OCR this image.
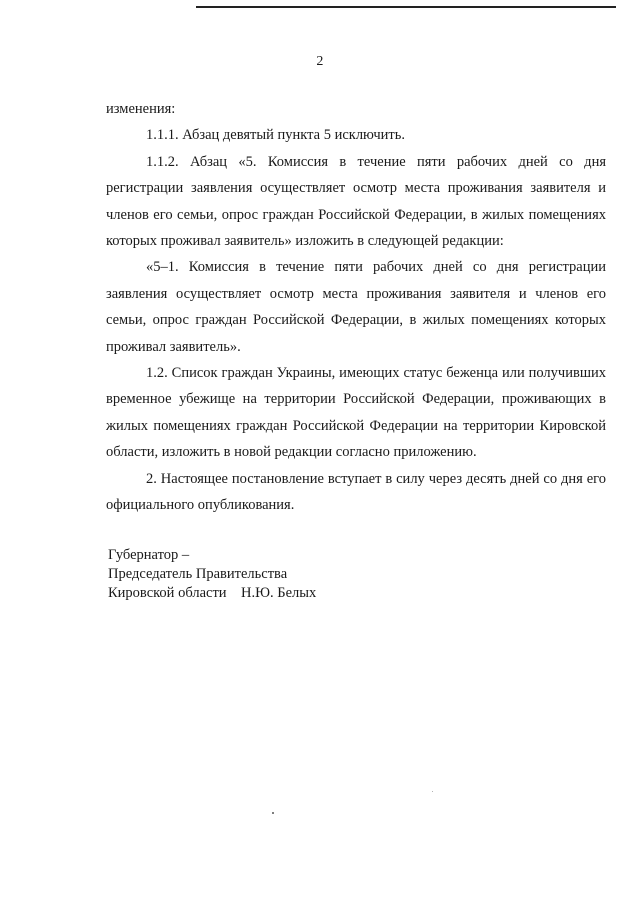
2

изменения:

1.1.1. Абзац девятый пункта 5 исключить.

1.1.2. Абзац «5. Комиссия в течение пяти рабочих дней со дня регистрации заявления осуществляет осмотр места проживания заявителя и членов его семьи, опрос граждан Российской Федерации, в жилых помещениях которых проживал заявитель» изложить в следующей редакции:

«5–1. Комиссия в течение пяти рабочих дней со дня регистрации заявления осуществляет осмотр места проживания заявителя и членов его семьи, опрос граждан Российской Федерации, в жилых помещениях которых проживал заявитель».

1.2. Список граждан Украины, имеющих статус беженца или получивших временное убежище на территории Российской Федерации, проживающих в жилых помещениях граждан Российской Федерации на территории Кировской области, изложить в новой редакции согласно приложению.

2. Настоящее постановление вступает в силу через десять дней со дня его официального опубликования.

Губернатор –
Председатель Правительства
Кировской области    Н.Ю. Белых
